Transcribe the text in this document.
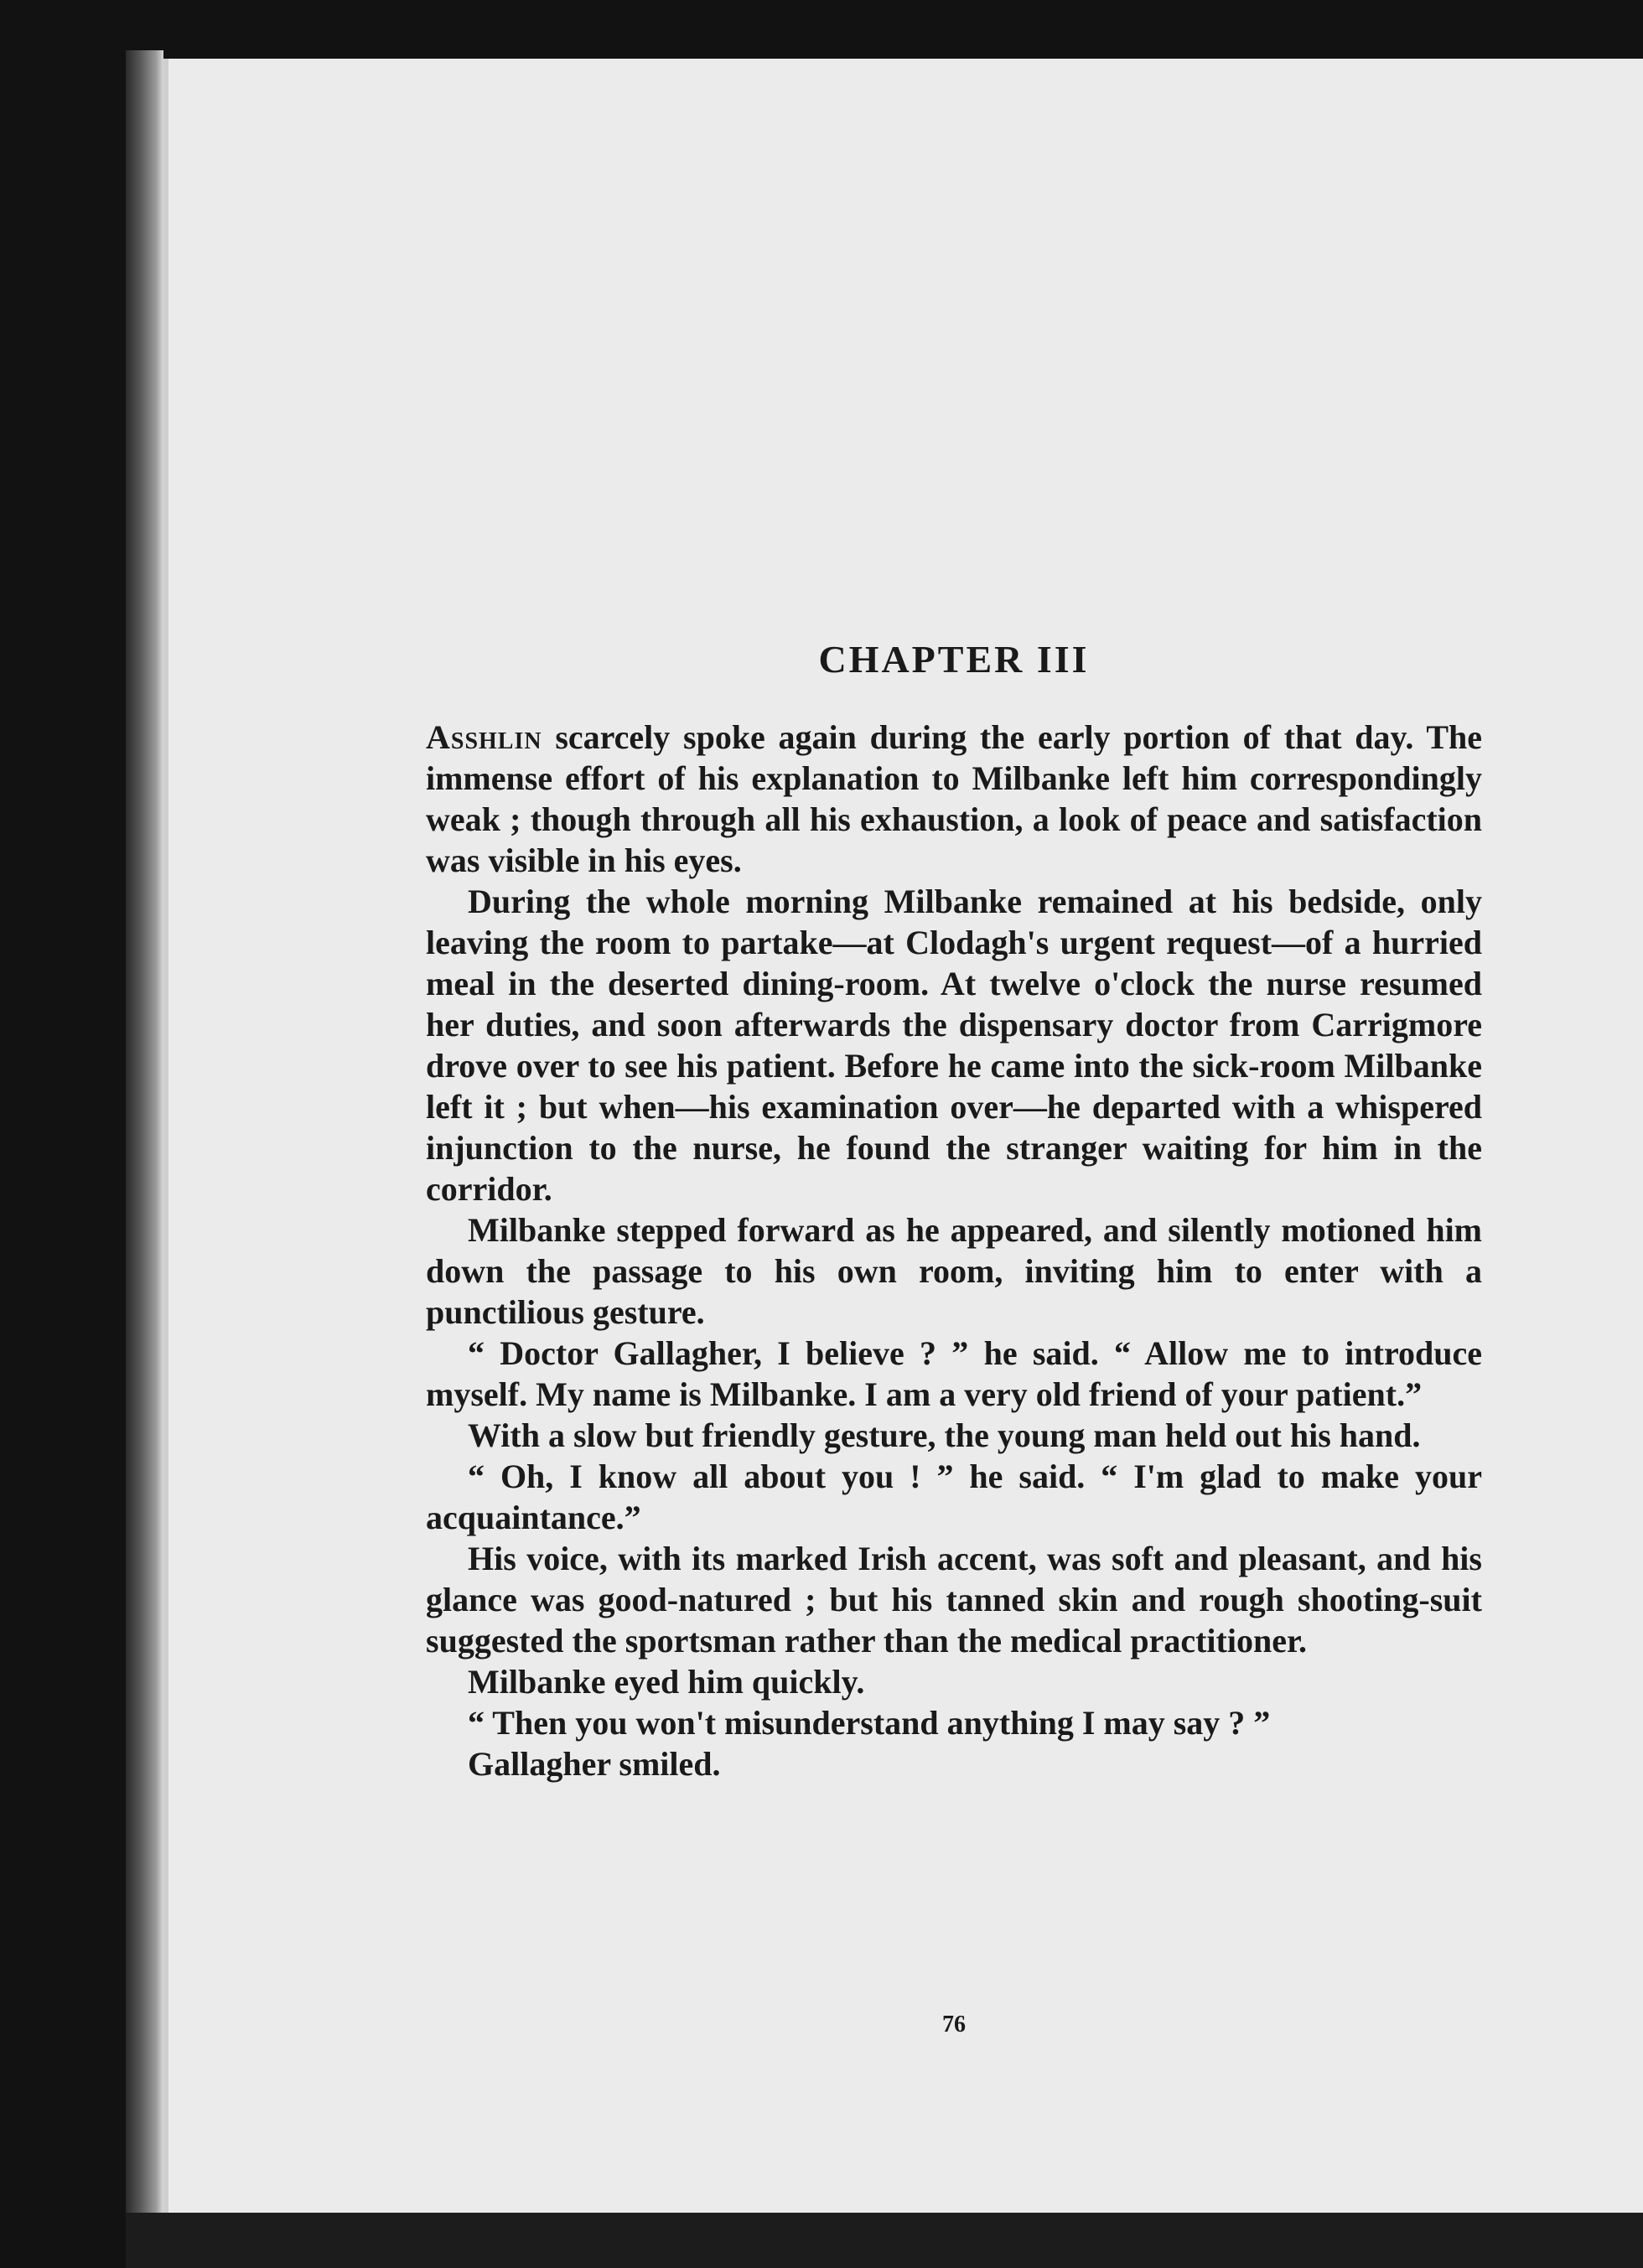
CHAPTER III

Asshlin scarcely spoke again during the early portion of that day. The immense effort of his explanation to Milbanke left him correspondingly weak ; though through all his exhaustion, a look of peace and satisfaction was visible in his eyes.

During the whole morning Milbanke remained at his bedside, only leaving the room to partake—at Clodagh's urgent request—of a hurried meal in the deserted dining-room. At twelve o'clock the nurse resumed her duties, and soon afterwards the dispensary doctor from Carrigmore drove over to see his patient. Before he came into the sick-room Milbanke left it ; but when—his examination over—he departed with a whispered injunction to the nurse, he found the stranger waiting for him in the corridor.

Milbanke stepped forward as he appeared, and silently motioned him down the passage to his own room, inviting him to enter with a punctilious gesture.

“ Doctor Gallagher, I believe ? ” he said. “ Allow me to introduce myself. My name is Milbanke. I am a very old friend of your patient.”

With a slow but friendly gesture, the young man held out his hand.

“ Oh, I know all about you ! ” he said. “ I'm glad to make your acquaintance.”

His voice, with its marked Irish accent, was soft and pleasant, and his glance was good-natured ; but his tanned skin and rough shooting-suit suggested the sportsman rather than the medical practitioner.

Milbanke eyed him quickly.

“ Then you won't misunderstand anything I may say ? ”

Gallagher smiled.

76
